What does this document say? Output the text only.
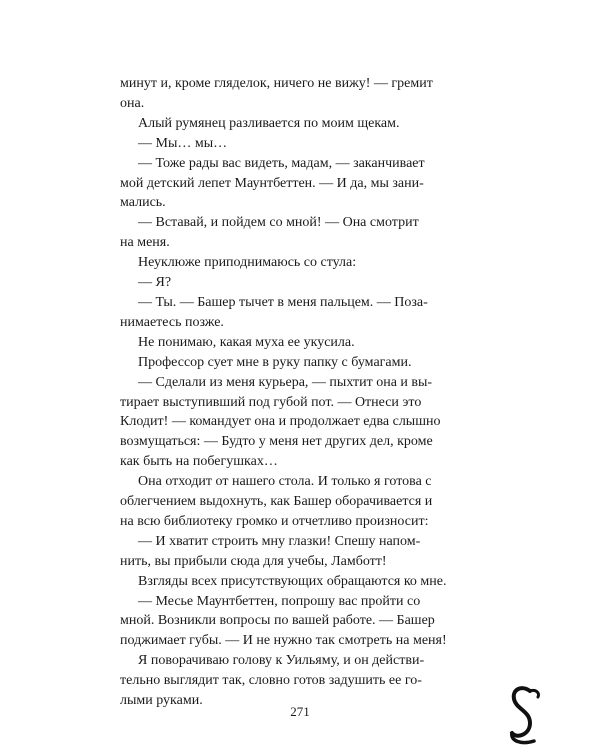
минут и, кроме гляделок, ничего не вижу! — гремит
она.
Алый румянец разливается по моим щекам.
— Мы… мы…
— Тоже рады вас видеть, мадам, — заканчивает
мой детский лепет Маунтбеттен. — И да, мы зани-
мались.
— Вставай, и пойдем со мной! — Она смотрит
на меня.
Неуклюже приподнимаюсь со стула:
— Я?
— Ты. — Башер тычет в меня пальцем. — Поза-
нимаетесь позже.
Не понимаю, какая муха ее укусила.
Профессор сует мне в руку папку с бумагами.
— Сделали из меня курьера, — пыхтит она и вы-
тирает выступивший под губой пот. — Отнеси это
Клодит! — командует она и продолжает едва слышно
возмущаться: — Будто у меня нет других дел, кроме
как быть на побегушках…
Она отходит от нашего стола. И только я готова с
облегчением выдохнуть, как Башер оборачивается и
на всю библиотеку громко и отчетливо произносит:
— И хватит строить мну глазки! Спешу напом-
нить, вы прибыли сюда для учебы, Ламботт!
Взгляды всех присутствующих обращаются ко мне.
— Месье Маунтбеттен, попрошу вас пройти со
мной. Возникли вопросы по вашей работе. — Башер
поджимает губы. — И не нужно так смотреть на меня!
Я поворачиваю голову к Уильяму, и он действи-
тельно выглядит так, словно готов задушить ее го-
лыми руками.
271
